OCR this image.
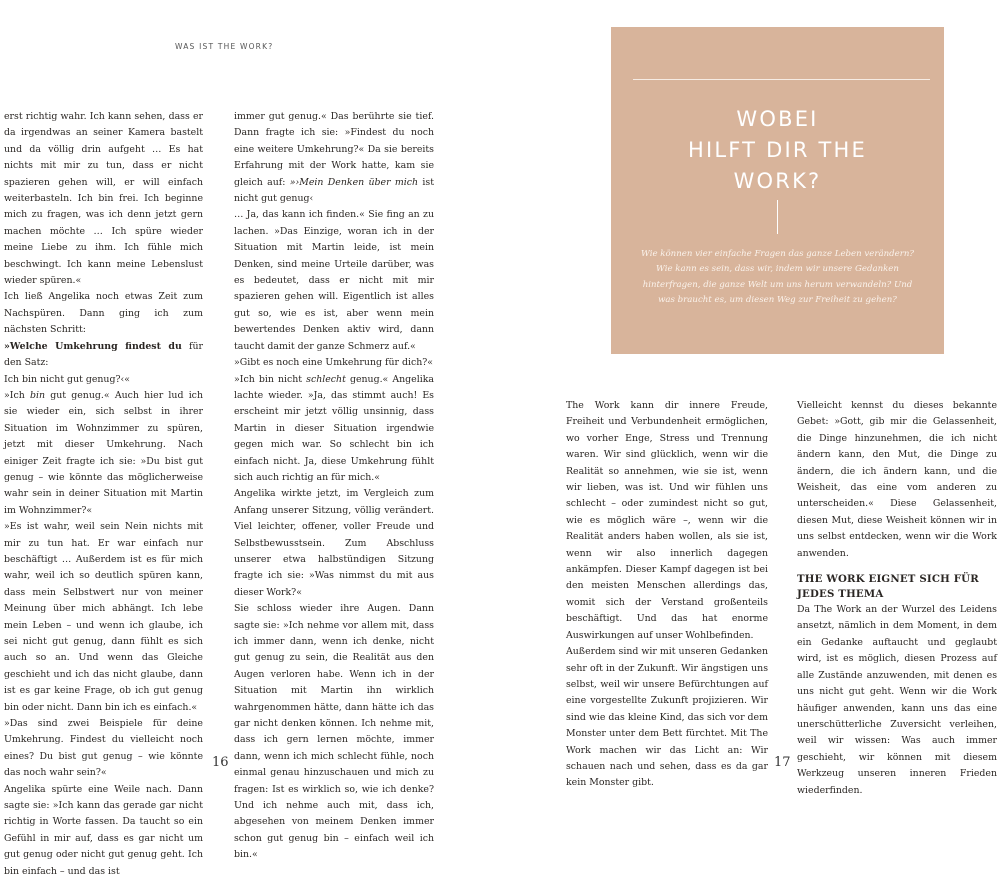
WAS IST THE WORK?

erst richtig wahr. Ich kann sehen, dass er da irgendwas an seiner Kamera bastelt und da völlig drin aufgeht … Es hat nichts mit mir zu tun, dass er nicht spazieren gehen will, er will einfach weiterbasteln. Ich bin frei. Ich beginne mich zu fragen, was ich denn jetzt gern machen möchte … Ich spüre wieder meine Liebe zu ihm. Ich fühle mich beschwingt. Ich kann meine Lebenslust wieder spüren.«

Ich ließ Angelika noch etwas Zeit zum Nachspüren. Dann ging ich zum nächsten Schritt:
»Welche Umkehrung findest du für den Satz:

Ich bin nicht gut genug?‹«

»Ich bin gut genug.« Auch hier lud ich sie wieder ein, sich selbst in ihrer Situation im Wohnzimmer zu spüren, jetzt mit dieser Umkehrung. Nach einiger Zeit fragte ich sie: »Du bist gut genug – wie könnte das möglicherweise wahr sein in deiner Situation mit Martin im Wohnzimmer?«

»Es ist wahr, weil sein Nein nichts mit mir zu tun hat. Er war einfach nur beschäftigt … Außerdem ist es für mich wahr, weil ich so deutlich spüren kann, dass mein Selbstwert nur von meiner Meinung über mich abhängt. Ich lebe mein Leben – und wenn ich glaube, ich sei nicht gut genug, dann fühlt es sich auch so an. Und wenn das Gleiche geschieht und ich das nicht glaube, dann ist es gar keine Frage, ob ich gut genug bin oder nicht. Dann bin ich es einfach.«

»Das sind zwei Beispiele für deine Umkehrung. Findest du vielleicht noch eines? Du bist gut genug – wie könnte das noch wahr sein?«

Angelika spürte eine Weile nach. Dann sagte sie: »Ich kann das gerade gar nicht richtig in Worte fassen. Da taucht so ein Gefühl in mir auf, dass es gar nicht um gut genug oder nicht gut genug geht. Ich bin einfach – und das ist

immer gut genug.« Das berührte sie tief. Dann fragte ich sie: »Findest du noch eine weitere Umkehrung?« Da sie bereits Erfahrung mit der Work hatte, kam sie gleich auf: »›Mein Denken über mich ist nicht gut genug‹

… Ja, das kann ich finden.« Sie fing an zu lachen. »Das Einzige, woran ich in der Situation mit Martin leide, ist mein Denken, sind meine Urteile darüber, was es bedeutet, dass er nicht mit mir spazieren gehen will. Eigentlich ist alles gut so, wie es ist, aber wenn mein bewertendes Denken aktiv wird, dann taucht damit der ganze Schmerz auf.«

»Gibt es noch eine Umkehrung für dich?«

»Ich bin nicht schlecht genug.« Angelika lachte wieder. »Ja, das stimmt auch! Es erscheint mir jetzt völlig unsinnig, dass Martin in dieser Situation irgendwie gegen mich war. So schlecht bin ich einfach nicht. Ja, diese Umkehrung fühlt sich auch richtig an für mich.«

Angelika wirkte jetzt, im Vergleich zum Anfang unserer Sitzung, völlig verändert. Viel leichter, offener, voller Freude und Selbstbewusstsein. Zum Abschluss unserer etwa halbstündigen Sitzung fragte ich sie: »Was nimmst du mit aus dieser Work?«

Sie schloss wieder ihre Augen. Dann sagte sie: »Ich nehme vor allem mit, dass ich immer dann, wenn ich denke, nicht gut genug zu sein, die Realität aus den Augen verloren habe. Wenn ich in der Situation mit Martin ihn wirklich wahrgenommen hätte, dann hätte ich das gar nicht denken können. Ich nehme mit, dass ich gern lernen möchte, immer dann, wenn ich mich schlecht fühle, noch einmal genau hinzuschauen und mich zu fragen: Ist es wirklich so, wie ich denke? Und ich nehme auch mit, dass ich, abgesehen von meinem Denken immer schon gut genug bin – einfach weil ich bin.«

16
WOBEI
HILFT DIR THE
WORK?
Wie können vier einfache Fragen das ganze Leben verändern? Wie kann es sein, dass wir, indem wir unsere Gedanken hinterfragen, die ganze Welt um uns herum verwandeln? Und was braucht es, um diesen Weg zur Freiheit zu gehen?

The Work kann dir innere Freude, Freiheit und Verbundenheit ermöglichen, wo vorher Enge, Stress und Trennung waren. Wir sind glücklich, wenn wir die Realität so annehmen, wie sie ist, wenn wir lieben, was ist. Und wir fühlen uns schlecht – oder zumindest nicht so gut, wie es möglich wäre –, wenn wir die Realität anders haben wollen, als sie ist, wenn wir also innerlich dagegen ankämpfen. Dieser Kampf dagegen ist bei den meisten Menschen allerdings das, womit sich der Verstand großenteils beschäftigt. Und das hat enorme Auswirkungen auf unser Wohlbefinden.

Außerdem sind wir mit unseren Gedanken sehr oft in der Zukunft. Wir ängstigen uns selbst, weil wir unsere Befürchtungen auf eine vorgestellte Zukunft projizieren. Wir sind wie das kleine Kind, das sich vor dem Monster unter dem Bett fürchtet. Mit The Work machen wir das Licht an: Wir schauen nach und sehen, dass es da gar kein Monster gibt.

Vielleicht kennst du dieses bekannte Gebet: »Gott, gib mir die Gelassenheit, die Dinge hinzunehmen, die ich nicht ändern kann, den Mut, die Dinge zu ändern, die ich ändern kann, und die Weisheit, das eine vom anderen zu unterscheiden.« Diese Gelassenheit, diesen Mut, diese Weisheit können wir in uns selbst entdecken, wenn wir die Work anwenden.

THE WORK EIGNET SICH FÜR JEDES THEMA

Da The Work an der Wurzel des Leidens ansetzt, nämlich in dem Moment, in dem ein Gedanke auftaucht und geglaubt wird, ist es möglich, diesen Prozess auf alle Zustände anzuwenden, mit denen es uns nicht gut geht. Wenn wir die Work häufiger anwenden, kann uns das eine unerschütterliche Zuversicht verleihen, weil wir wissen: Was auch immer geschieht, wir können mit diesem Werkzeug unseren inneren Frieden wiederfinden.

17
